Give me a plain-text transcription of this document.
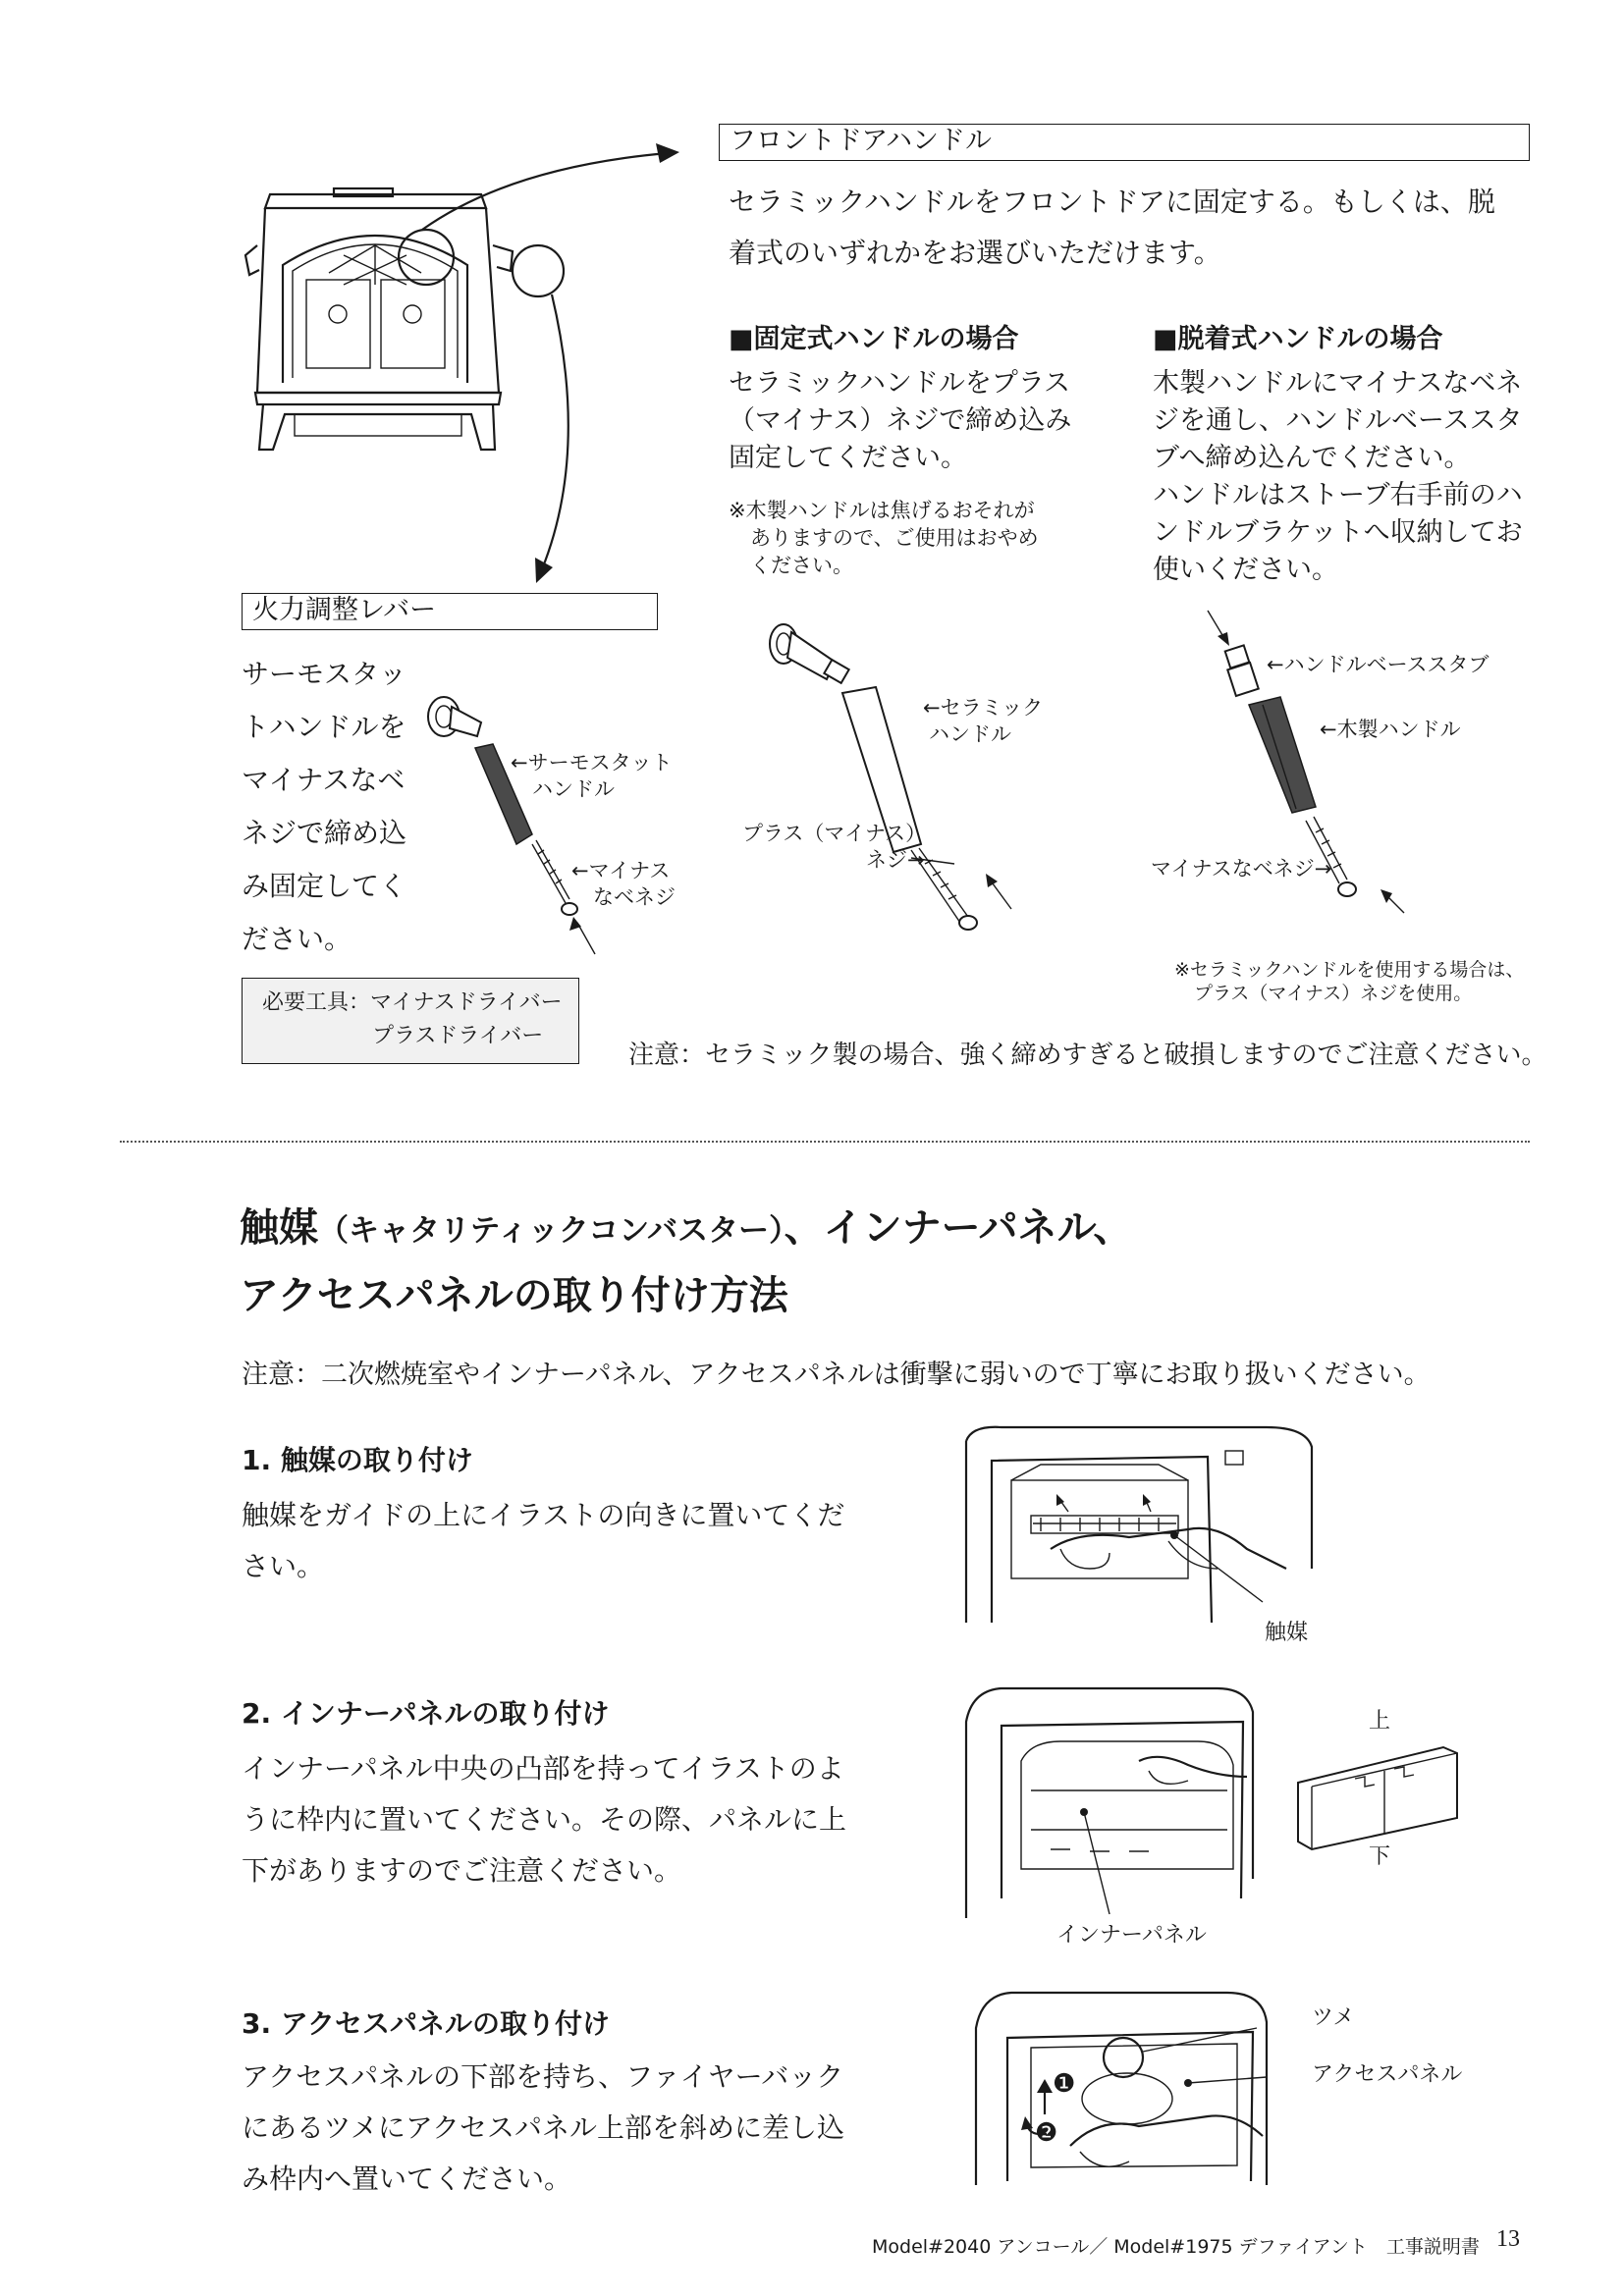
フロントドアハンドル
セラミックハンドルをフロントドアに固定する。もしくは、脱
着式のいずれかをお選びいただけます。
■固定式ハンドルの場合
セラミックハンドルをプラス
（マイナス）ネジで締め込み
固定してください。
※木製ハンドルは焦げるおそれが
ありますので、ご使用はおやめ
ください。
■脱着式ハンドルの場合
木製ハンドルにマイナスなベネ
ジを通し、ハンドルベーススタ
ブへ締め込んでください。
ハンドルはストーブ右手前のハ
ンドルブラケットへ収納してお
使いください。
火力調整レバー
サーモスタッ
トハンドルを
マイナスなベ
ネジで締め込
み固定してく
ださい。
←サーモスタット
ハンドル
←マイナス
なベネジ
←セラミック
ハンドル
プラス（マイナス）
ネジ→
←ハンドルベーススタブ
←木製ハンドル
マイナスなベネジ→
※セラミックハンドルを使用する場合は、
プラス（マイナス）ネジを使用。
必要工具：マイナスドライバー
プラスドライバー
注意：セラミック製の場合、強く締めすぎると破損しますのでご注意ください。
触媒（キャタリティックコンバスター）、インナーパネル、
アクセスパネルの取り付け方法
注意：二次燃焼室やインナーパネル、アクセスパネルは衝撃に弱いので丁寧にお取り扱いください。
1. 触媒の取り付け
触媒をガイドの上にイラストの向きに置いてくだ
さい。
触媒
2. インナーパネルの取り付け
インナーパネル中央の凸部を持ってイラストのよ
うに枠内に置いてください。その際、パネルに上
下がありますのでご注意ください。
インナーパネル
上
下
3. アクセスパネルの取り付け
アクセスパネルの下部を持ち、ファイヤーバック
にあるツメにアクセスパネル上部を斜めに差し込
み枠内へ置いてください。
❶
❷
ツメ
アクセスパネル
Model#2040 アンコール／ Model#1975 デファイアント　工事説明書 13
